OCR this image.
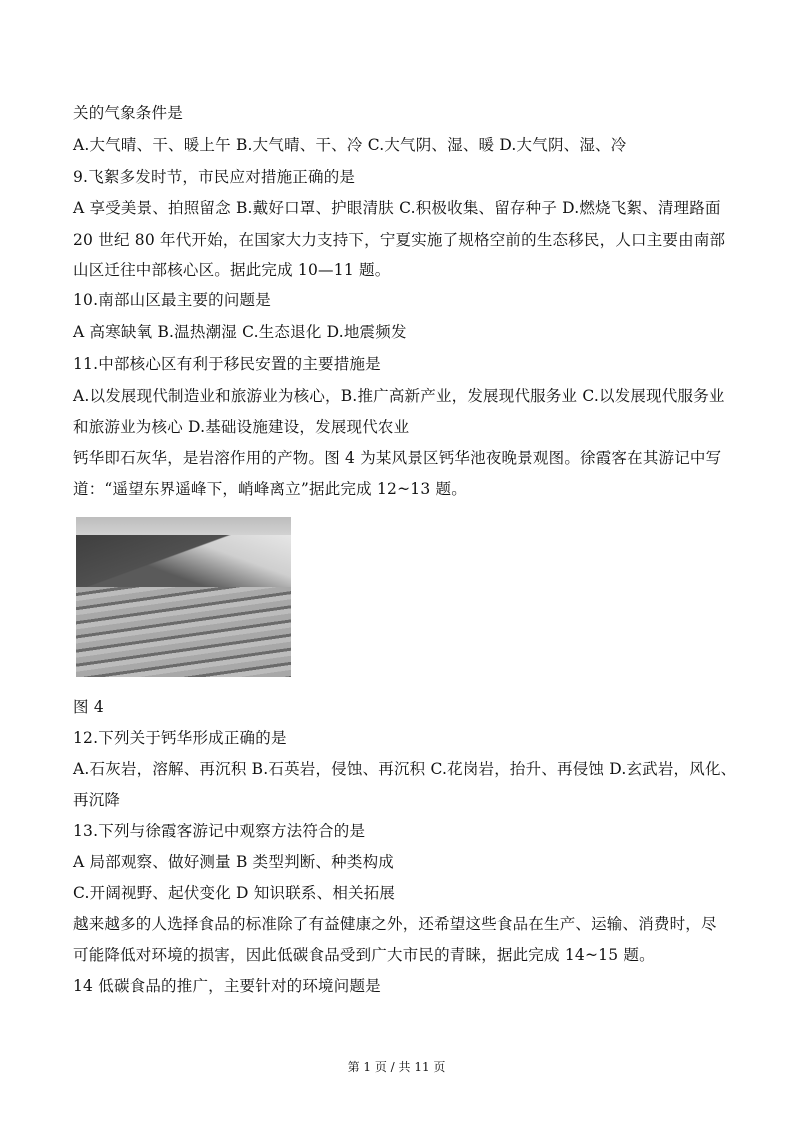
关的气象条件是
A.大气晴、干、暖上午 B.大气晴、干、冷 C.大气阴、湿、暖 D.大气阴、湿、冷
9.飞絮多发时节，市民应对措施正确的是
A 享受美景、拍照留念 B.戴好口罩、护眼清肤 C.积极收集、留存种子 D.燃烧飞絮、清理路面
20 世纪 80 年代开始，在国家大力支持下，宁夏实施了规格空前的生态移民，人口主要由南部
山区迁往中部核心区。据此完成 10—11 题。
10.南部山区最主要的问题是
A 高寒缺氧 B.温热潮湿 C.生态退化 D.地震频发
11.中部核心区有利于移民安置的主要措施是
A.以发展现代制造业和旅游业为核心，B.推广高新产业，发展现代服务业 C.以发展现代服务业
和旅游业为核心 D.基础设施建设，发展现代农业
钙华即石灰华，是岩溶作用的产物。图 4 为某风景区钙华池夜晚景观图。徐霞客在其游记中写
道：“遥望东界遥峰下，峭峰离立”据此完成 12~13 题。
图 4
12.下列关于钙华形成正确的是
A.石灰岩，溶解、再沉积 B.石英岩，侵蚀、再沉积 C.花岗岩，抬升、再侵蚀 D.玄武岩，风化、
再沉降
13.下列与徐霞客游记中观察方法符合的是
A 局部观察、做好测量 B 类型判断、种类构成
C.开阔视野、起伏变化 D 知识联系、相关拓展
越来越多的人选择食品的标准除了有益健康之外，还希望这些食品在生产、运输、消费时，尽
可能降低对环境的损害，因此低碳食品受到广大市民的青睐，据此完成 14~15 题。
14 低碳食品的推广，主要针对的环境问题是
第 1 页 / 共 11 页
